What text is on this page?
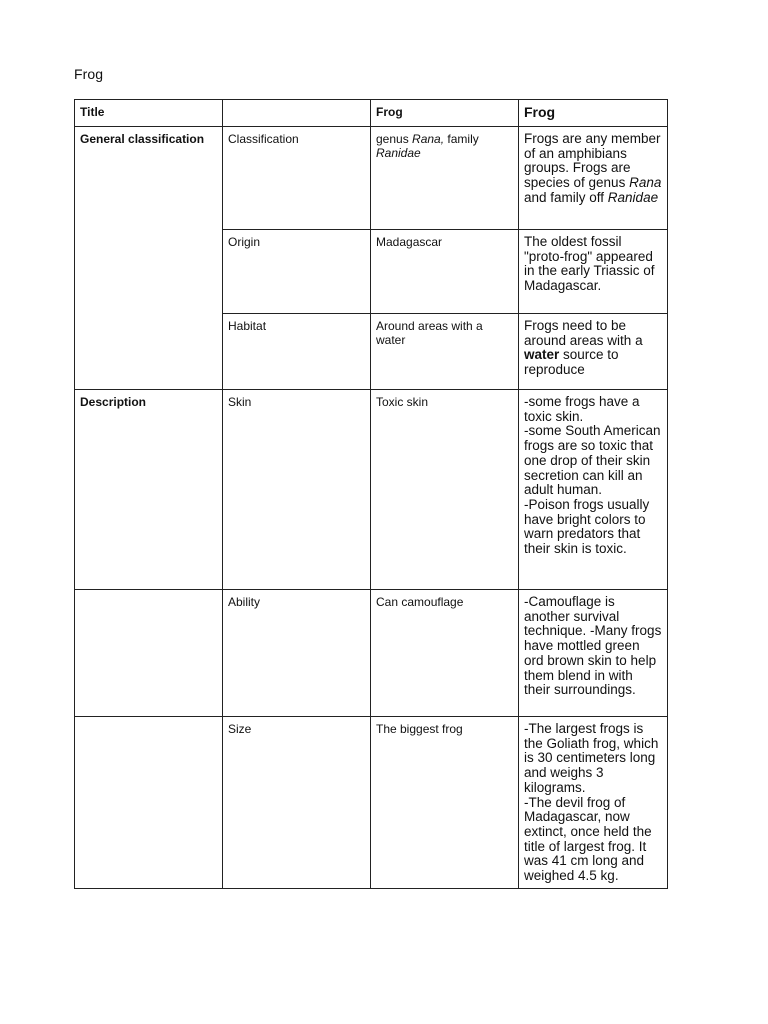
Frog
Title		Frog	Frog
General classification	Classification	genus Rana, family Ranidae	Frogs are any member of an amphibians groups. Frogs are species of genus Rana and family off Ranidae
	Origin	Madagascar	The oldest fossil "proto-frog" appeared in the early Triassic of Madagascar.
	Habitat	Around areas with a water	Frogs need to be around areas with a water source to reproduce
Description	Skin	Toxic skin	-some frogs have a toxic skin.
-some South American frogs are so toxic that one drop of their skin secretion can kill an adult human.
-Poison frogs usually have bright colors to warn predators that their skin is toxic.
	Ability	Can camouflage	-Camouflage is another survival technique. -Many frogs have mottled green ord brown skin to help them blend in with their surroundings.
	Size	The biggest frog	-The largest frogs is the Goliath frog, which is 30 centimeters long and weighs 3 kilograms.
-The devil frog of Madagascar, now extinct, once held the title of largest frog. It was 41 cm long and weighed 4.5 kg.
